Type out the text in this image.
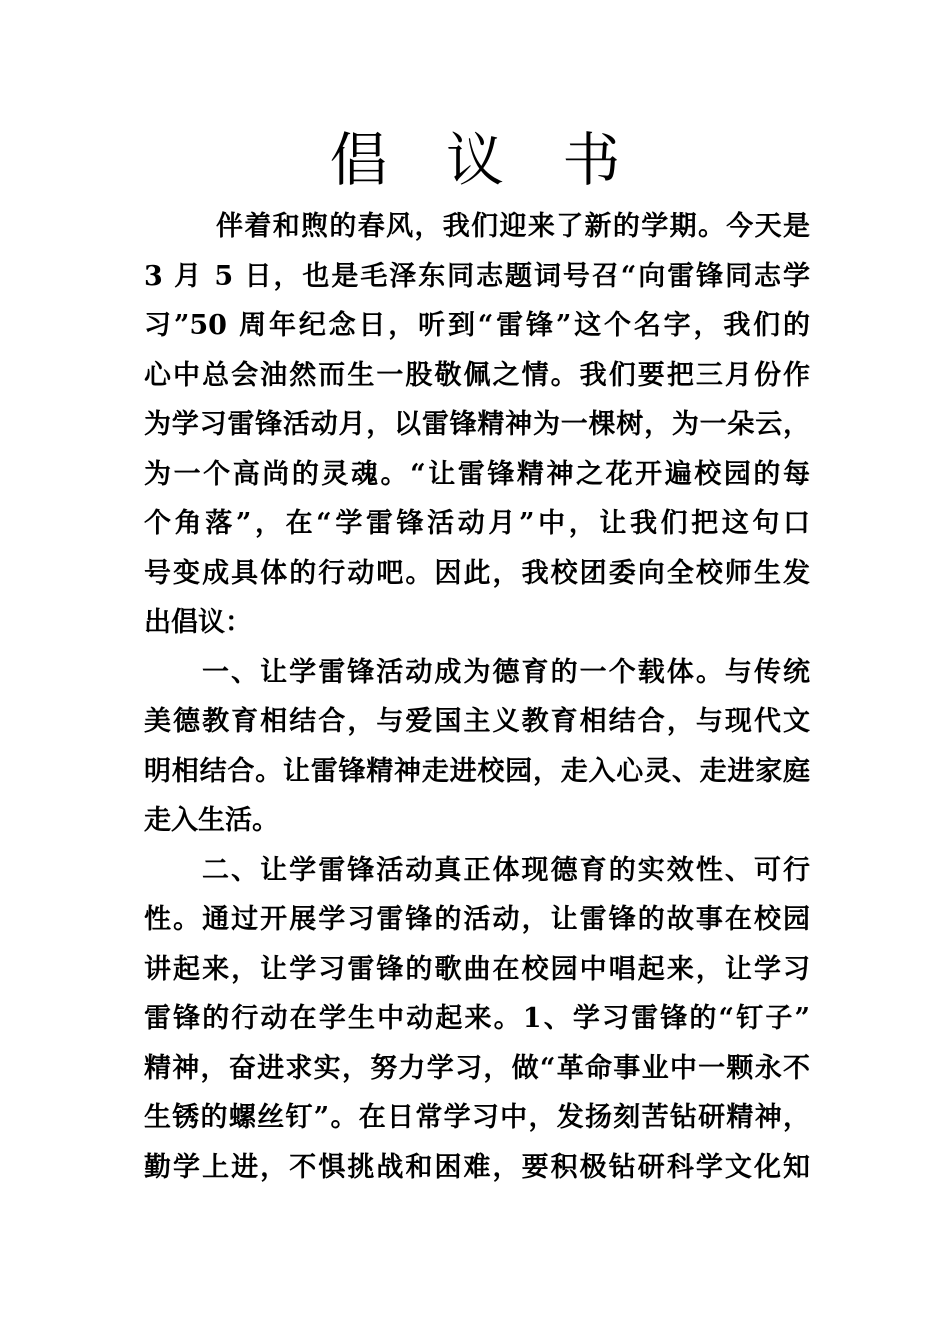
倡 议 书

伴着和煦的春风，我们迎来了新的学期。今天是
3 月 5 日，也是毛泽东同志题词号召“向雷锋同志学
习”50 周年纪念日，听到“雷锋”这个名字，我们的
心中总会油然而生一股敬佩之情。我们要把三月份作
为学习雷锋活动月，以雷锋精神为一棵树，为一朵云，
为一个高尚的灵魂。“让雷锋精神之花开遍校园的每
个角落”，在“学雷锋活动月”中，让我们把这句口
号变成具体的行动吧。因此，我校团委向全校师生发
出倡议：

一、让学雷锋活动成为德育的一个载体。与传统
美德教育相结合，与爱国主义教育相结合，与现代文
明相结合。让雷锋精神走进校园，走入心灵、走进家庭
走入生活。

二、让学雷锋活动真正体现德育的实效性、可行
性。通过开展学习雷锋的活动，让雷锋的故事在校园
讲起来，让学习雷锋的歌曲在校园中唱起来，让学习
雷锋的行动在学生中动起来。1、学习雷锋的“钉子”
精神，奋进求实，努力学习，做“革命事业中一颗永不
生锈的螺丝钉”。在日常学习中，发扬刻苦钻研精神，
勤学上进，不惧挑战和困难，要积极钻研科学文化知
